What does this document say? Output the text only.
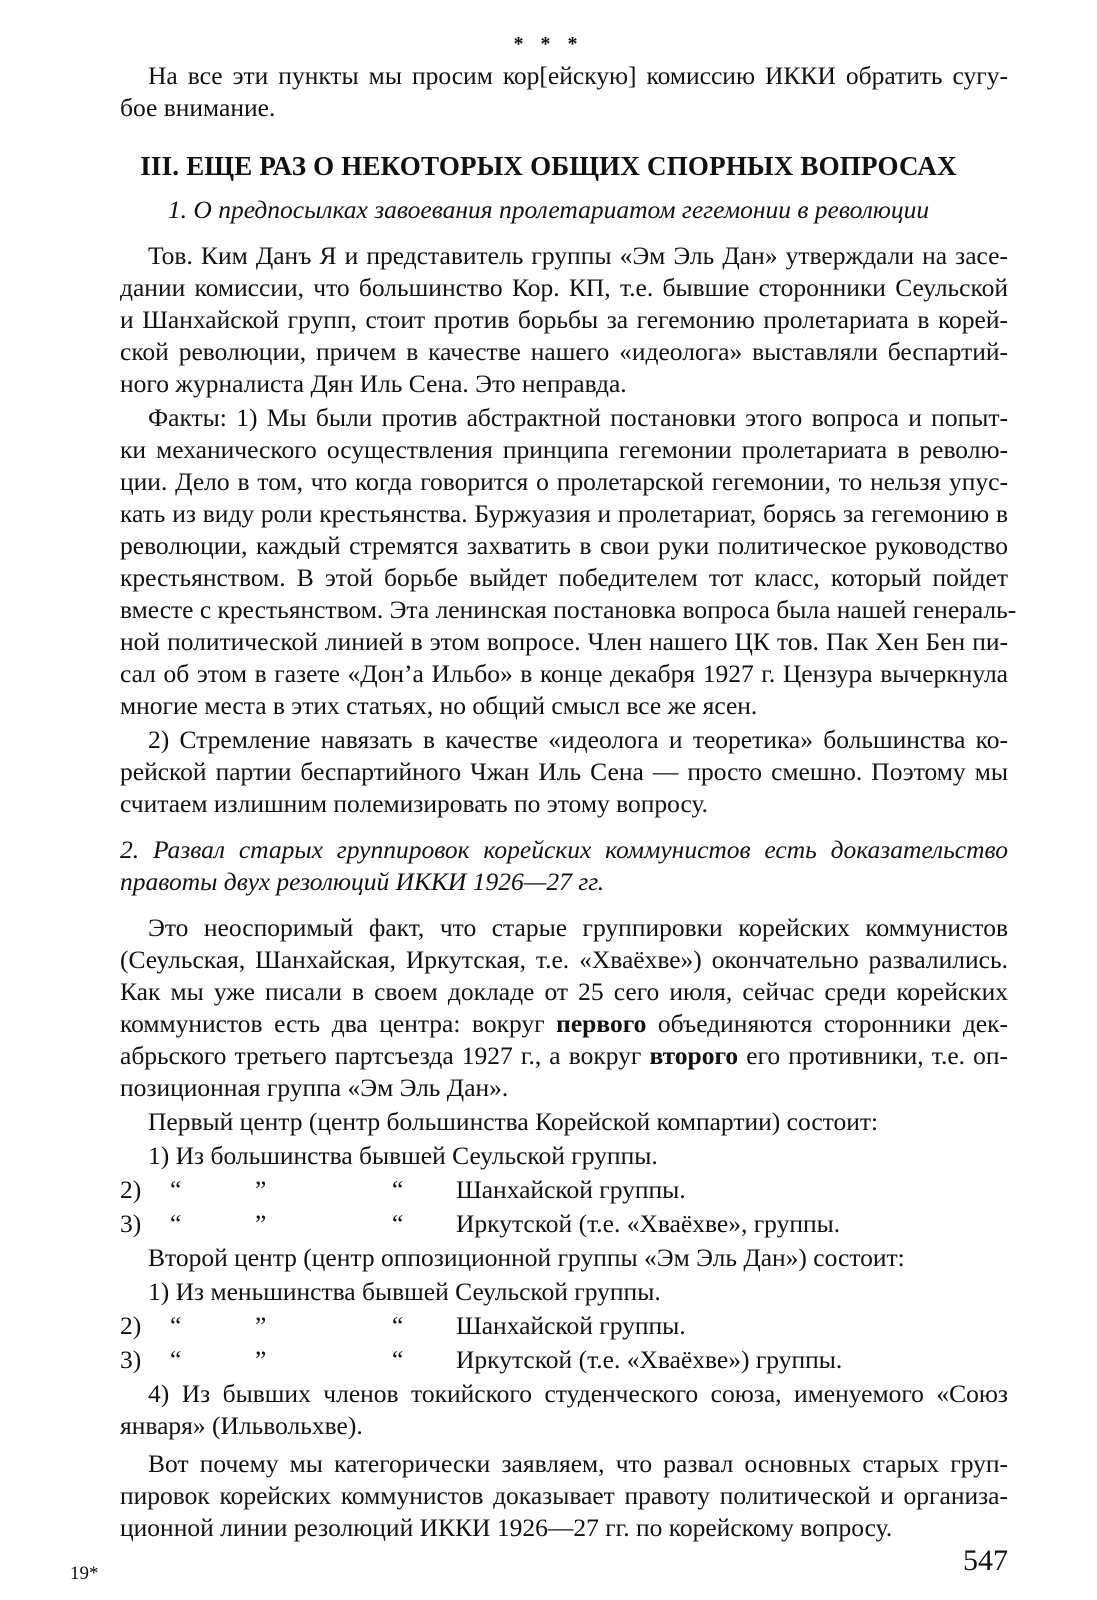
* * *
На все эти пункты мы просим кор[ейскую] комиссию ИККИ обратить сугу-
бое внимание.
III. ЕЩЕ РАЗ О НЕКОТОРЫХ ОБЩИХ СПОРНЫХ ВОПРОСАХ
1. О предпосылках завоевания пролетариатом гегемонии в революции
Тов. Ким Данъ Я и представитель группы «Эм Эль Дан» утверждали на засе-
дании комиссии, что большинство Кор. КП, т.е. бывшие сторонники Сеульской
и Шанхайской групп, стоит против борьбы за гегемонию пролетариата в корей-
ской революции, причем в качестве нашего «идеолога» выставляли беспартий-
ного журналиста Дян Иль Сена. Это неправда.
Факты: 1) Мы были против абстрактной постановки этого вопроса и попыт-
ки механического осуществления принципа гегемонии пролетариата в револю-
ции. Дело в том, что когда говорится о пролетарской гегемонии, то нельзя упус-
кать из виду роли крестьянства. Буржуазия и пролетариат, борясь за гегемонию в
революции, каждый стремятся захватить в свои руки политическое руководство
крестьянством. В этой борьбе выйдет победителем тот класс, который пойдет
вместе с крестьянством. Эта ленинская постановка вопроса была нашей генераль-
ной политической линией в этом вопросе. Член нашего ЦК тов. Пак Хен Бен пи-
сал об этом в газете «Дон’а Ильбо» в конце декабря 1927 г. Цензура вычеркнула
многие места в этих статьях, но общий смысл все же ясен.
2) Стремление навязать в качестве «идеолога и теоретика» большинства ко-
рейской партии беспартийного Чжан Иль Сена — просто смешно. Поэтому мы
считаем излишним полемизировать по этому вопросу.
2. Развал старых группировок корейских коммунистов есть доказательство
правоты двух резолюций ИККИ 1926—27 гг.
Это неоспоримый факт, что старые группировки корейских коммунистов
(Сеульская, Шанхайская, Иркутская, т.е. «Хваёхве») окончательно развалились.
Как мы уже писали в своем докладе от 25 сего июля, сейчас среди корейских
коммунистов есть два центра: вокруг первого объединяются сторонники дек-
абрьского третьего партсъезда 1927 г., а вокруг второго его противники, т.е. оп-
позиционная группа «Эм Эль Дан».
Первый центр (центр большинства Корейской компартии) состоит:
1) Из большинства бывшей Сеульской группы.
2) “	”	“ Шанхайской группы.
3) “	”	“ Иркутской (т.е. «Хваёхве», группы.
Второй центр (центр оппозиционной группы «Эм Эль Дан») состоит:
1) Из меньшинства бывшей Сеульской группы.
2) “	”	“ Шанхайской группы.
3) “	”	“ Иркутской (т.е. «Хваёхве») группы.
4) Из бывших членов токийского студенческого союза, именуемого «Союз
января» (Ильвольхве).
Вот почему мы категорически заявляем, что развал основных старых груп-
пировок корейских коммунистов доказывает правоту политической и организа-
ционной линии резолюций ИККИ 1926—27 гг. по корейскому вопросу.
19*	547
